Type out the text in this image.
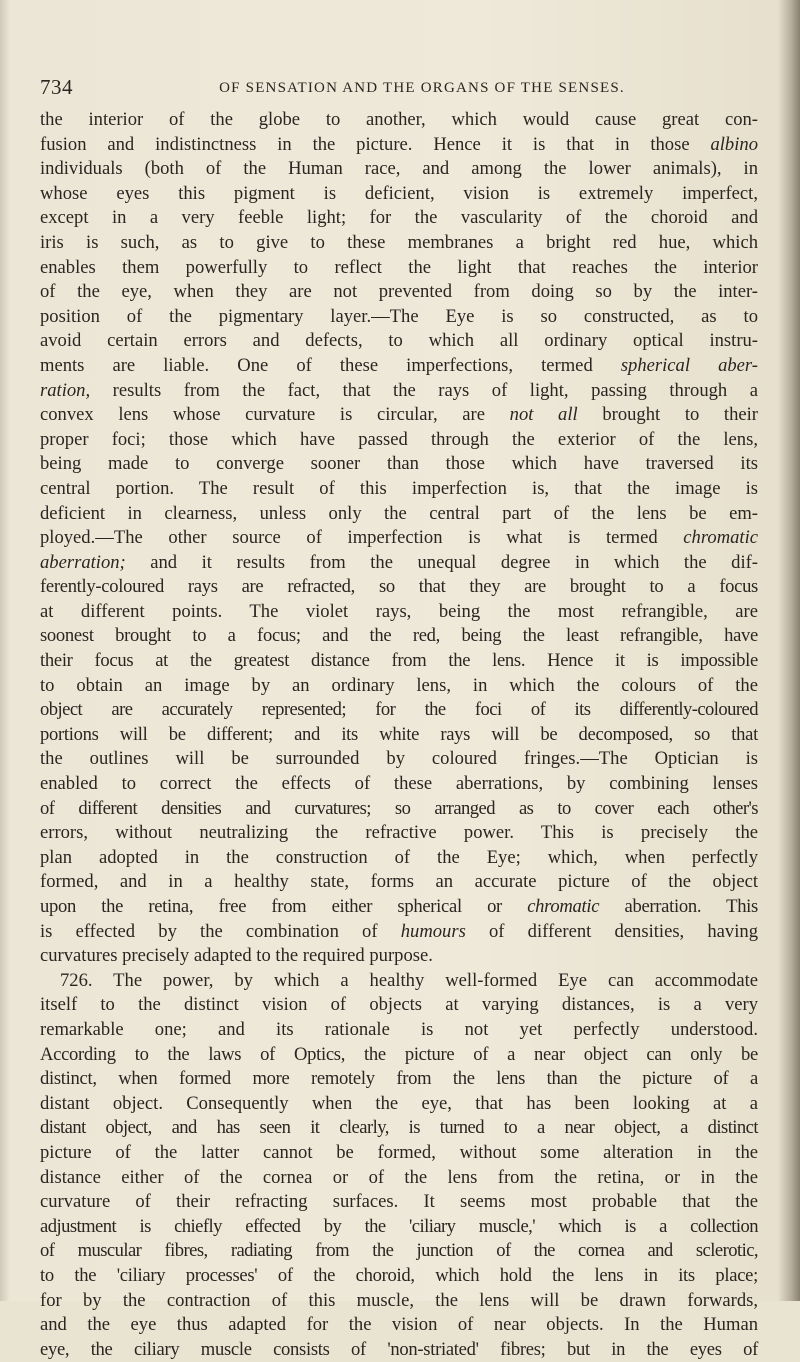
734	OF SENSATION AND THE ORGANS OF THE SENSES.
the interior of the globe to another, which would cause great con-
fusion and indistinctness in the picture. Hence it is that in those albino
individuals (both of the Human race, and among the lower animals), in
whose eyes this pigment is deficient, vision is extremely imperfect,
except in a very feeble light; for the vascularity of the choroid and
iris is such, as to give to these membranes a bright red hue, which
enables them powerfully to reflect the light that reaches the interior
of the eye, when they are not prevented from doing so by the inter-
position of the pigmentary layer.—The Eye is so constructed, as to
avoid certain errors and defects, to which all ordinary optical instru-
ments are liable. One of these imperfections, termed spherical aber-
ration, results from the fact, that the rays of light, passing through a
convex lens whose curvature is circular, are not all brought to their
proper foci; those which have passed through the exterior of the lens,
being made to converge sooner than those which have traversed its
central portion. The result of this imperfection is, that the image is
deficient in clearness, unless only the central part of the lens be em-
ployed.—The other source of imperfection is what is termed chromatic
aberration; and it results from the unequal degree in which the dif-
ferently-coloured rays are refracted, so that they are brought to a focus
at different points. The violet rays, being the most refrangible, are
soonest brought to a focus; and the red, being the least refrangible, have
their focus at the greatest distance from the lens. Hence it is impossible
to obtain an image by an ordinary lens, in which the colours of the
object are accurately represented; for the foci of its differently-coloured
portions will be different; and its white rays will be decomposed, so that
the outlines will be surrounded by coloured fringes.—The Optician is
enabled to correct the effects of these aberrations, by combining lenses
of different densities and curvatures; so arranged as to cover each other's
errors, without neutralizing the refractive power. This is precisely the
plan adopted in the construction of the Eye; which, when perfectly
formed, and in a healthy state, forms an accurate picture of the object
upon the retina, free from either spherical or chromatic aberration. This
is effected by the combination of humours of different densities, having
curvatures precisely adapted to the required purpose.
726. The power, by which a healthy well-formed Eye can accommodate
itself to the distinct vision of objects at varying distances, is a very
remarkable one; and its rationale is not yet perfectly understood.
According to the laws of Optics, the picture of a near object can only be
distinct, when formed more remotely from the lens than the picture of a
distant object. Consequently when the eye, that has been looking at a
distant object, and has seen it clearly, is turned to a near object, a distinct
picture of the latter cannot be formed, without some alteration in the
distance either of the cornea or of the lens from the retina, or in the
curvature of their refracting surfaces. It seems most probable that the
adjustment is chiefly effected by the 'ciliary muscle,' which is a collection
of muscular fibres, radiating from the junction of the cornea and sclerotic,
to the 'ciliary processes' of the choroid, which hold the lens in its place;
for by the contraction of this muscle, the lens will be drawn forwards,
and the eye thus adapted for the vision of near objects. In the Human
eye, the ciliary muscle consists of 'non-striated' fibres; but in the eyes of
